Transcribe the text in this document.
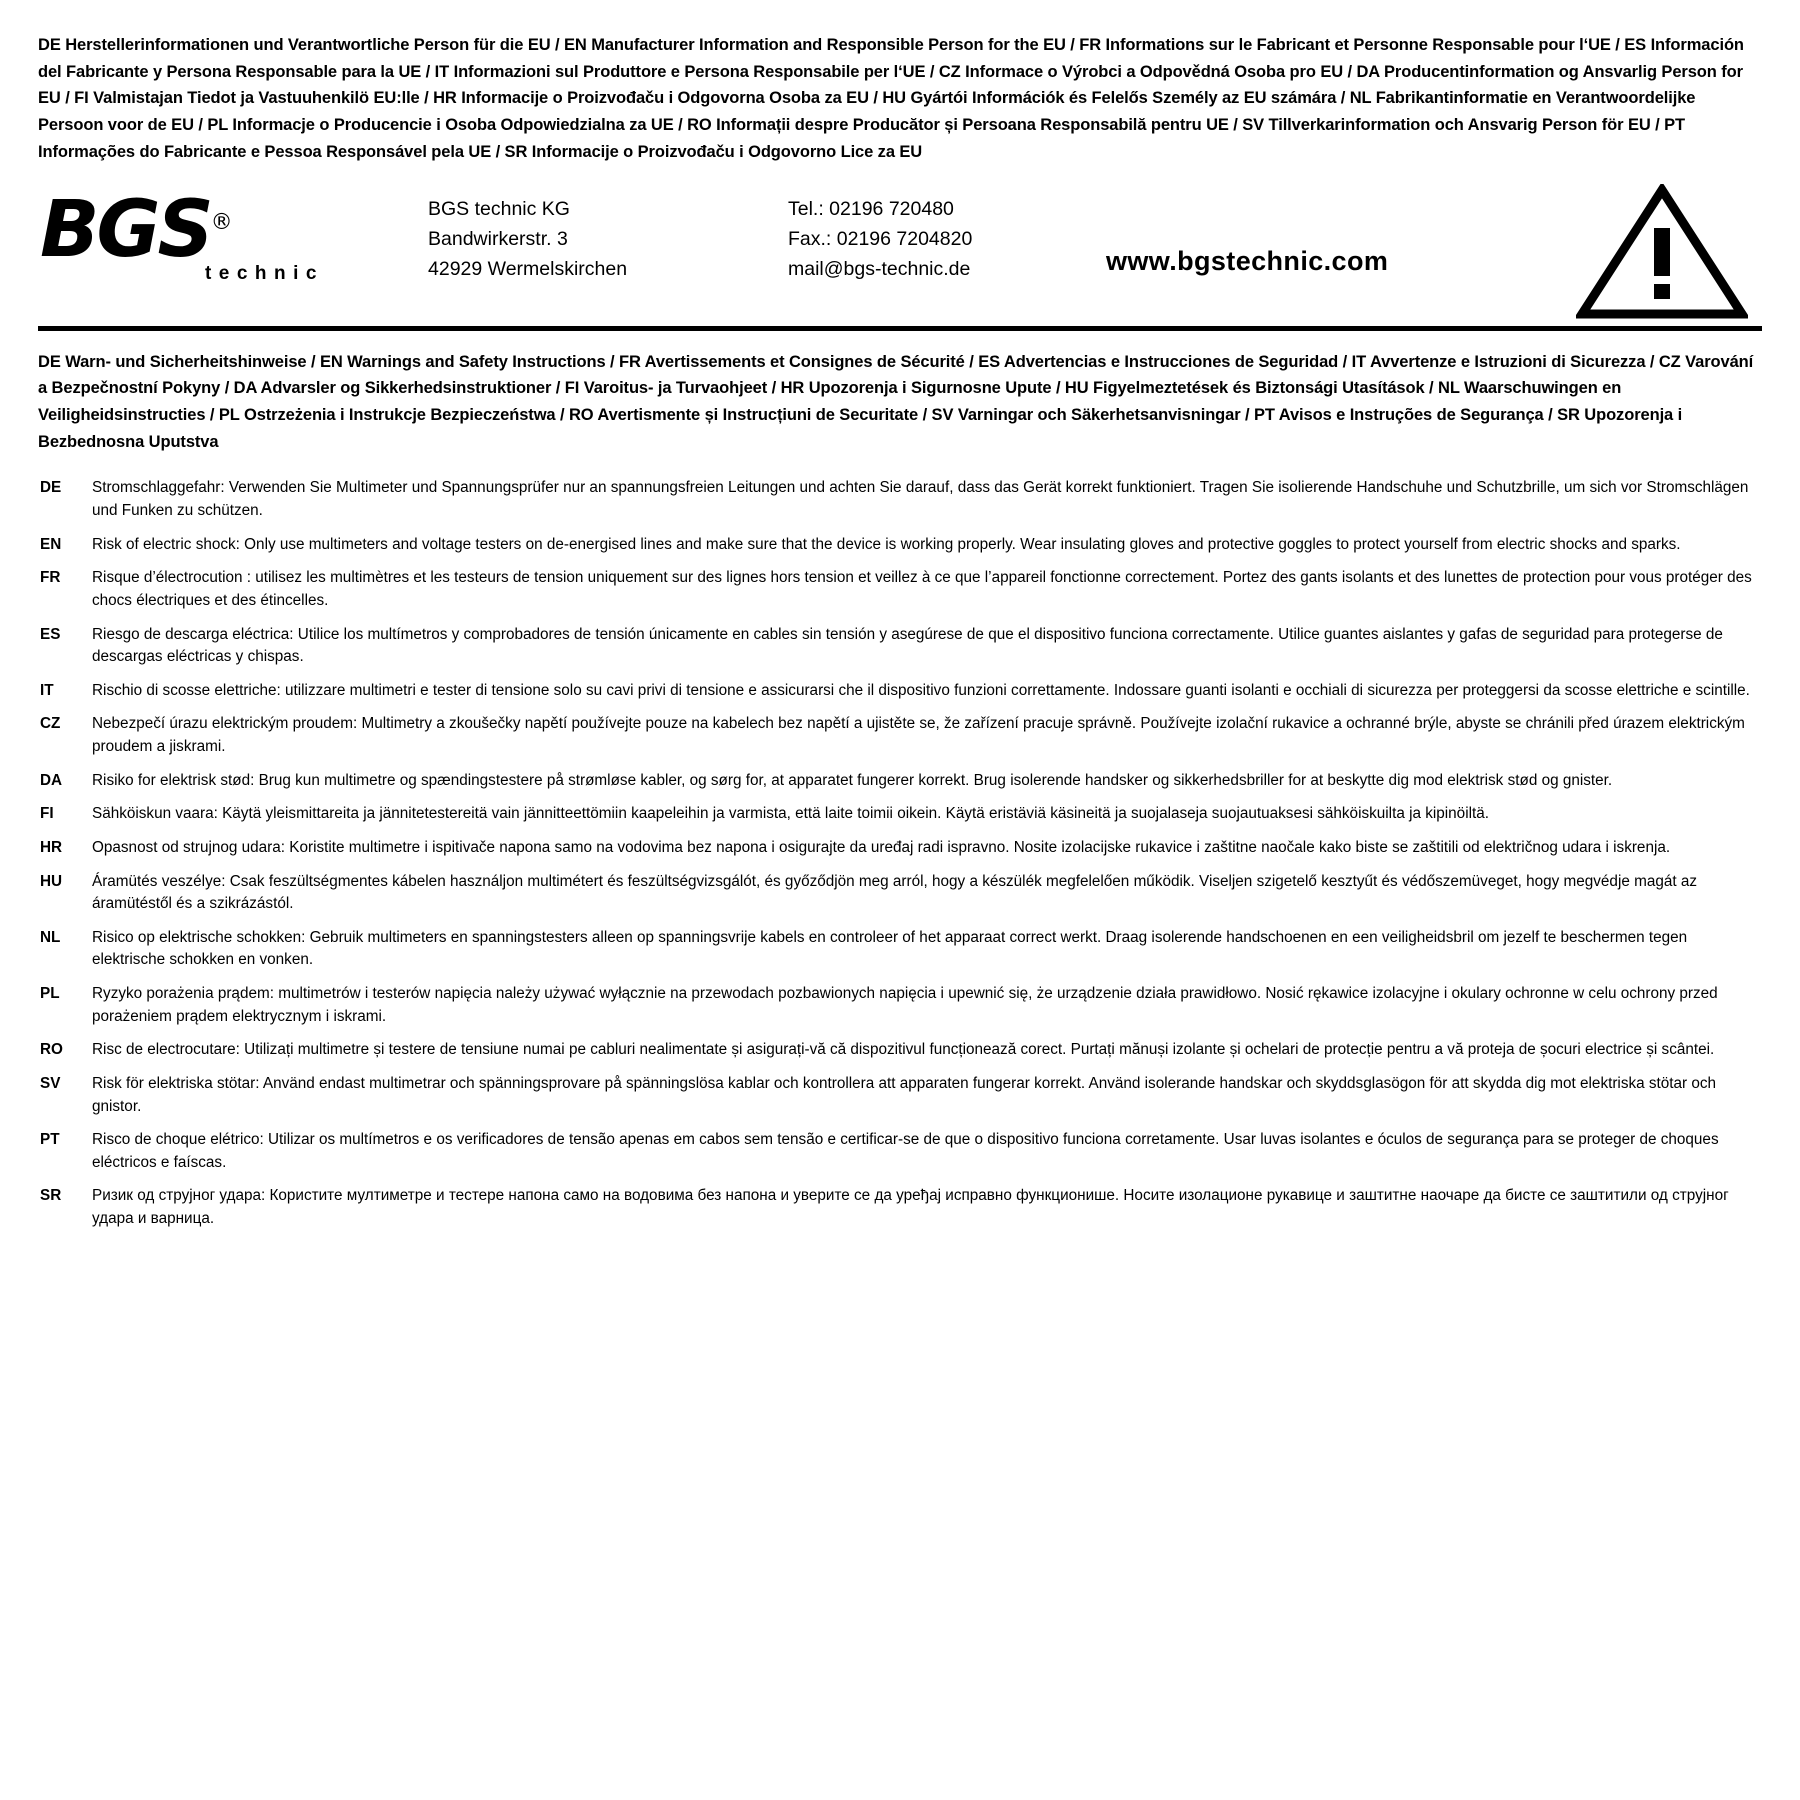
DE Herstellerinformationen und Verantwortliche Person für die EU / EN Manufacturer Information and Responsible Person for the EU / FR Informations sur le Fabricant et Personne Responsable pour l‘UE / ES Información del Fabricante y Persona Responsable para la UE / IT Informazioni sul Produttore e Persona Responsabile per l‘UE / CZ Informace o Výrobci a Odpovědná Osoba pro EU / DA Producentinformation og Ansvarlig Person for EU / FI Valmistajan Tiedot ja Vastuuhenkilö EU:lle / HR Informacije o Proizvođaču i Odgovorna Osoba za EU / HU Gyártói Információk és Felelős Személy az EU számára / NL Fabrikantinformatie en Verantwoordelijke Persoon voor de EU / PL Informacje o Producencie i Osoba Odpowiedzialna za UE / RO Informații despre Producător și Persoana Responsabilă pentru UE / SV Tillverkarinformation och Ansvarig Person för EU / PT Informações do Fabricante e Pessoa Responsável pela UE / SR Informacije o Proizvođaču i Odgovorno Lice za EU
BGS®
technic
BGS technic KG
Bandwirkerstr. 3
42929 Wermelskirchen
Tel.: 02196 720480
Fax.: 02196 7204820
mail@bgs-technic.de	www.bgstechnic.com
DE Warn- und Sicherheitshinweise / EN Warnings and Safety Instructions / FR Avertissements et Consignes de Sécurité / ES Advertencias e Instrucciones de Seguridad / IT Avvertenze e Istruzioni di Sicurezza / CZ Varování a Bezpečnostní Pokyny / DA Advarsler og Sikkerhedsinstruktioner / FI Varoitus- ja Turvaohjeet / HR Upozorenja i Sigurnosne Upute / HU Figyelmeztetések és Biztonsági Utasítások / NL Waarschuwingen en Veiligheidsinstructies / PL Ostrzeżenia i Instrukcje Bezpieczeństwa / RO Avertismente și Instrucțiuni de Securitate / SV Varningar och Säkerhetsanvisningar / PT Avisos e Instruções de Segurança / SR Upozorenja i Bezbednosna Uputstva
DE	Stromschlaggefahr: Verwenden Sie Multimeter und Spannungsprüfer nur an spannungsfreien Leitungen und achten Sie darauf, dass das Gerät korrekt funktioniert. Tragen Sie isolierende Handschuhe und Schutzbrille, um sich vor Stromschlägen und Funken zu schützen.
EN	Risk of electric shock: Only use multimeters and voltage testers on de-energised lines and make sure that the device is working properly. Wear insulating gloves and protective goggles to protect yourself from electric shocks and sparks.
FR	Risque d’électrocution : utilisez les multimètres et les testeurs de tension uniquement sur des lignes hors tension et veillez à ce que l’appareil fonctionne correctement. Portez des gants isolants et des lunettes de protection pour vous protéger des chocs électriques et des étincelles.
ES	Riesgo de descarga eléctrica: Utilice los multímetros y comprobadores de tensión únicamente en cables sin tensión y asegúrese de que el dispositivo funciona correctamente. Utilice guantes aislantes y gafas de seguridad para protegerse de descargas eléctricas y chispas.
IT	Rischio di scosse elettriche: utilizzare multimetri e tester di tensione solo su cavi privi di tensione e assicurarsi che il dispositivo funzioni correttamente. Indossare guanti isolanti e occhiali di sicurezza per proteggersi da scosse elettriche e scintille.
CZ	Nebezpečí úrazu elektrickým proudem: Multimetry a zkoušečky napětí používejte pouze na kabelech bez napětí a ujistěte se, že zařízení pracuje správně. Používejte izolační rukavice a ochranné brýle, abyste se chránili před úrazem elektrickým proudem a jiskrami.
DA	Risiko for elektrisk stød: Brug kun multimetre og spændingstestere på strømløse kabler, og sørg for, at apparatet fungerer korrekt. Brug isolerende handsker og sikkerhedsbriller for at beskytte dig mod elektrisk stød og gnister.
FI	Sähköiskun vaara: Käytä yleismittareita ja jännitetestereitä vain jännitteettömiin kaapeleihin ja varmista, että laite toimii oikein. Käytä eristäviä käsineitä ja suojalaseja suojautuaksesi sähköiskuilta ja kipinöiltä.
HR	Opasnost od strujnog udara: Koristite multimetre i ispitivače napona samo na vodovima bez napona i osigurajte da uređaj radi ispravno. Nosite izolacijske rukavice i zaštitne naočale kako biste se zaštitili od električnog udara i iskrenja.
HU	Áramütés veszélye: Csak feszültségmentes kábelen használjon multimétert és feszültségvizsgálót, és győződjön meg arról, hogy a készülék megfelelően működik. Viseljen szigetelő kesztyűt és védőszemüveget, hogy megvédje magát az áramütéstől és a szikrázástól.
NL	Risico op elektrische schokken: Gebruik multimeters en spanningstesters alleen op spanningsvrije kabels en controleer of het apparaat correct werkt. Draag isolerende handschoenen en een veiligheidsbril om jezelf te beschermen tegen elektrische schokken en vonken.
PL	Ryzyko porażenia prądem: multimetrów i testerów napięcia należy używać wyłącznie na przewodach pozbawionych napięcia i upewnić się, że urządzenie działa prawidłowo. Nosić rękawice izolacyjne i okulary ochronne w celu ochrony przed porażeniem prądem elektrycznym i iskrami.
RO	Risc de electrocutare: Utilizați multimetre și testere de tensiune numai pe cabluri nealimentate și asigurați-vă că dispozitivul funcționează corect. Purtați mănuși izolante și ochelari de protecție pentru a vă proteja de șocuri electrice și scântei.
SV	Risk för elektriska stötar: Använd endast multimetrar och spänningsprovare på spänningslösa kablar och kontrollera att apparaten fungerar korrekt. Använd isolerande handskar och skyddsglasögon för att skydda dig mot elektriska stötar och gnistor.
PT	Risco de choque elétrico: Utilizar os multímetros e os verificadores de tensão apenas em cabos sem tensão e certificar-se de que o dispositivo funciona corretamente. Usar luvas isolantes e óculos de segurança para se proteger de choques eléctricos e faíscas.
SR	Ризик од струјног удара: Користите мултиметре и тестере напона само на водовима без напона и уверите се да уређај исправно функционише. Носите изолационе рукавице и заштитне наочаре да бисте се заштитили од струјног удара и варница.
